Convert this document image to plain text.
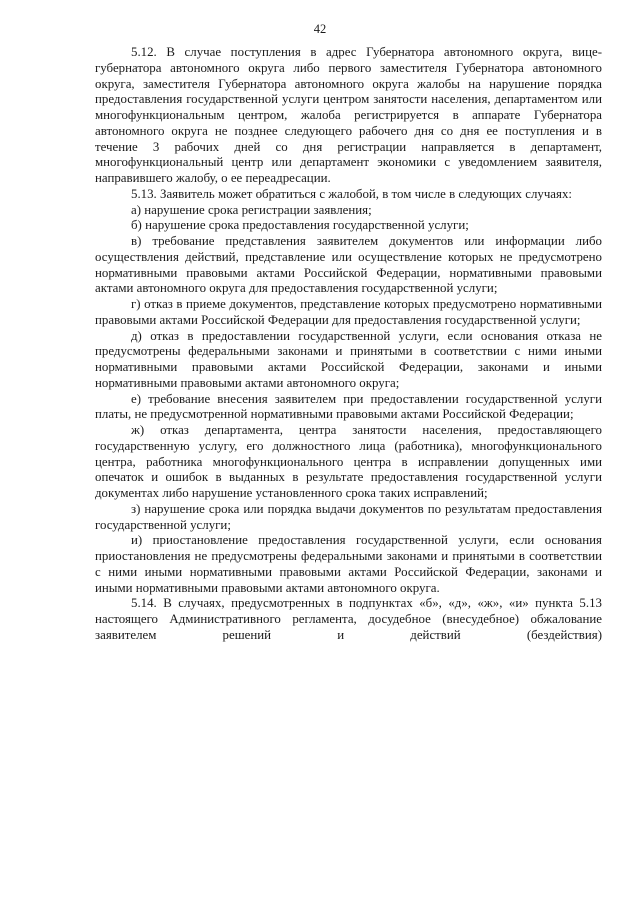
42

5.12. В случае поступления в адрес Губернатора автономного округа, вице-губернатора автономного округа либо первого заместителя Губернатора автономного округа, заместителя Губернатора автономного округа жалобы на нарушение порядка предоставления государственной услуги центром занятости населения, департаментом или многофункциональным центром, жалоба регистрируется в аппарате Губернатора автономного округа не позднее следующего рабочего дня со дня ее поступления и в течение 3 рабочих дней со дня регистрации направляется в департамент, многофункциональный центр или департамент экономики с уведомлением заявителя, направившего жалобу, о ее переадресации.

5.13. Заявитель может обратиться с жалобой, в том числе в следующих случаях:

а) нарушение срока регистрации заявления;

б) нарушение срока предоставления государственной услуги;

в) требование представления заявителем документов или информации либо осуществления действий, представление или осуществление которых не предусмотрено нормативными правовыми актами Российской Федерации, нормативными правовыми актами автономного округа для предоставления государственной услуги;

г) отказ в приеме документов, представление которых предусмотрено нормативными правовыми актами Российской Федерации для предоставления государственной услуги;

д) отказ в предоставлении государственной услуги, если основания отказа не предусмотрены федеральными законами и принятыми в соответствии с ними иными нормативными правовыми актами Российской Федерации, законами и иными нормативными правовыми актами автономного округа;

е) требование внесения заявителем при предоставлении государственной услуги платы, не предусмотренной нормативными правовыми актами Российской Федерации;

ж) отказ департамента, центра занятости населения, предоставляющего государственную услугу, его должностного лица (работника), многофункционального центра, работника многофункционального центра в исправлении допущенных ими опечаток и ошибок в выданных в результате предоставления государственной услуги документах либо нарушение установленного срока таких исправлений;

з) нарушение срока или порядка выдачи документов по результатам предоставления государственной услуги;

и) приостановление предоставления государственной услуги, если основания приостановления не предусмотрены федеральными законами и принятыми в соответствии с ними иными нормативными правовыми актами Российской Федерации, законами и иными нормативными правовыми актами автономного округа.

5.14. В случаях, предусмотренных в подпунктах «б», «д», «ж», «и» пункта 5.13 настоящего Административного регламента, досудебное (внесудебное) обжалование заявителем решений и действий (бездействия)
